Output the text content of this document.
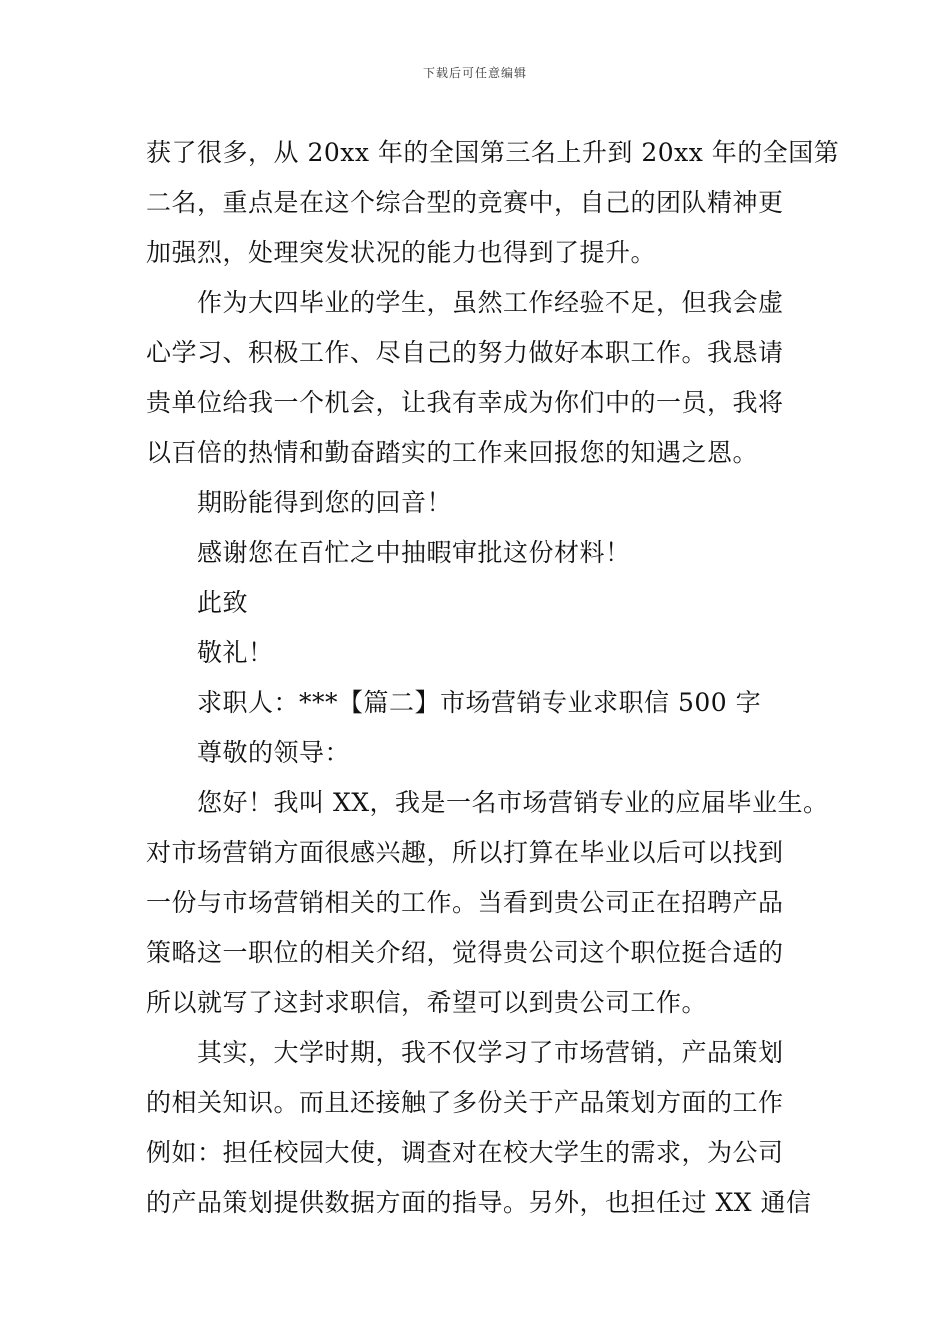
下载后可任意编辑
获了很多，从 20xx 年的全国第三名上升到 20xx 年的全国第
二名，重点是在这个综合型的竞赛中，自己的团队精神更
加强烈，处理突发状况的能力也得到了提升。
作为大四毕业的学生，虽然工作经验不足，但我会虚
心学习、积极工作、尽自己的努力做好本职工作。我恳请
贵单位给我一个机会，让我有幸成为你们中的一员，我将
以百倍的热情和勤奋踏实的工作来回报您的知遇之恩。
期盼能得到您的回音！
感谢您在百忙之中抽暇审批这份材料！
此致
敬礼！
求职人：***【篇二】市场营销专业求职信 500 字
尊敬的领导：
您好！我叫 XX，我是一名市场营销专业的应届毕业生。
对市场营销方面很感兴趣，所以打算在毕业以后可以找到
一份与市场营销相关的工作。当看到贵公司正在招聘产品
策略这一职位的相关介绍，觉得贵公司这个职位挺合适的
所以就写了这封求职信，希望可以到贵公司工作。
其实，大学时期，我不仅学习了市场营销，产品策划
的相关知识。而且还接触了多份关于产品策划方面的工作
例如：担任校园大使，调查对在校大学生的需求，为公司
的产品策划提供数据方面的指导。另外，也担任过 XX 通信
